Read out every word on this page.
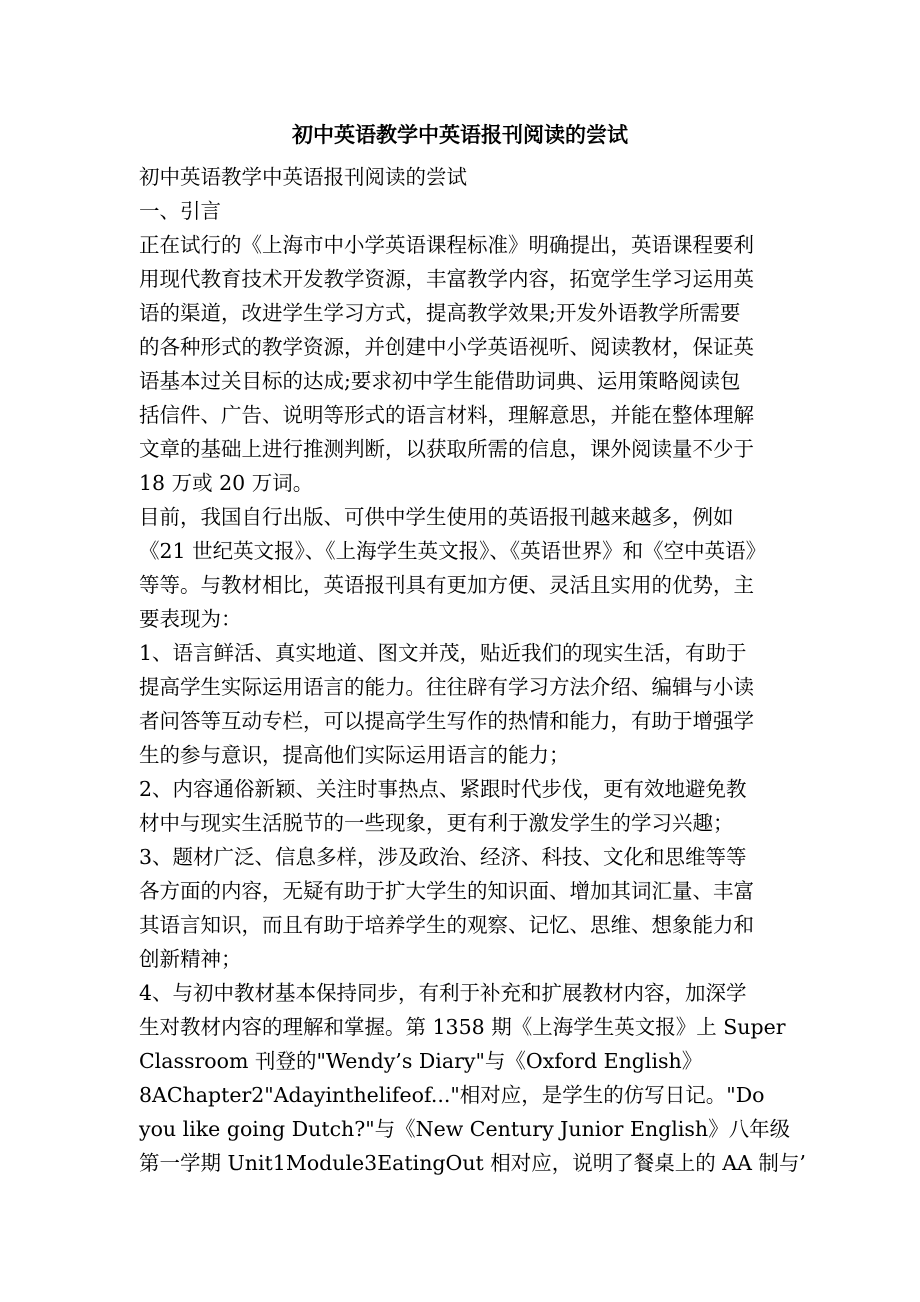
初中英语教学中英语报刊阅读的尝试
初中英语教学中英语报刊阅读的尝试
一、引言
正在试行的《上海市中小学英语课程标准》明确提出，英语课程要利
用现代教育技术开发教学资源，丰富教学内容，拓宽学生学习运用英
语的渠道，改进学生学习方式，提高教学效果;开发外语教学所需要
的各种形式的教学资源，并创建中小学英语视听、阅读教材，保证英
语基本过关目标的达成;要求初中学生能借助词典、运用策略阅读包
括信件、广告、说明等形式的语言材料，理解意思，并能在整体理解
文章的基础上进行推测判断，以获取所需的信息，课外阅读量不少于
18 万或 20 万词。
目前，我国自行出版、可供中学生使用的英语报刊越来越多，例如
《21 世纪英文报》、《上海学生英文报》、《英语世界》和《空中英语》
等等。与教材相比，英语报刊具有更加方便、灵活且实用的优势，主
要表现为：
1、语言鲜活、真实地道、图文并茂，贴近我们的现实生活，有助于
提高学生实际运用语言的能力。往往辟有学习方法介绍、编辑与小读
者问答等互动专栏，可以提高学生写作的热情和能力，有助于增强学
生的参与意识，提高他们实际运用语言的能力；
2、内容通俗新颖、关注时事热点、紧跟时代步伐，更有效地避免教
材中与现实生活脱节的一些现象，更有利于激发学生的学习兴趣；
3、题材广泛、信息多样，涉及政治、经济、科技、文化和思维等等
各方面的内容，无疑有助于扩大学生的知识面、增加其词汇量、丰富
其语言知识，而且有助于培养学生的观察、记忆、思维、想象能力和
创新精神；
4、与初中教材基本保持同步，有利于补充和扩展教材内容，加深学
生对教材内容的理解和掌握。第 1358 期《上海学生英文报》上 Super
Classroom 刊登的"Wendy’s Diary"与《Oxford English》
8AChapter2"Adayinthelifeof..."相对应，是学生的仿写日记。"Do
you like going Dutch?"与《New Century Junior English》八年级
第一学期 Unit1Module3EatingOut 相对应，说明了餐桌上的 AA 制与’
